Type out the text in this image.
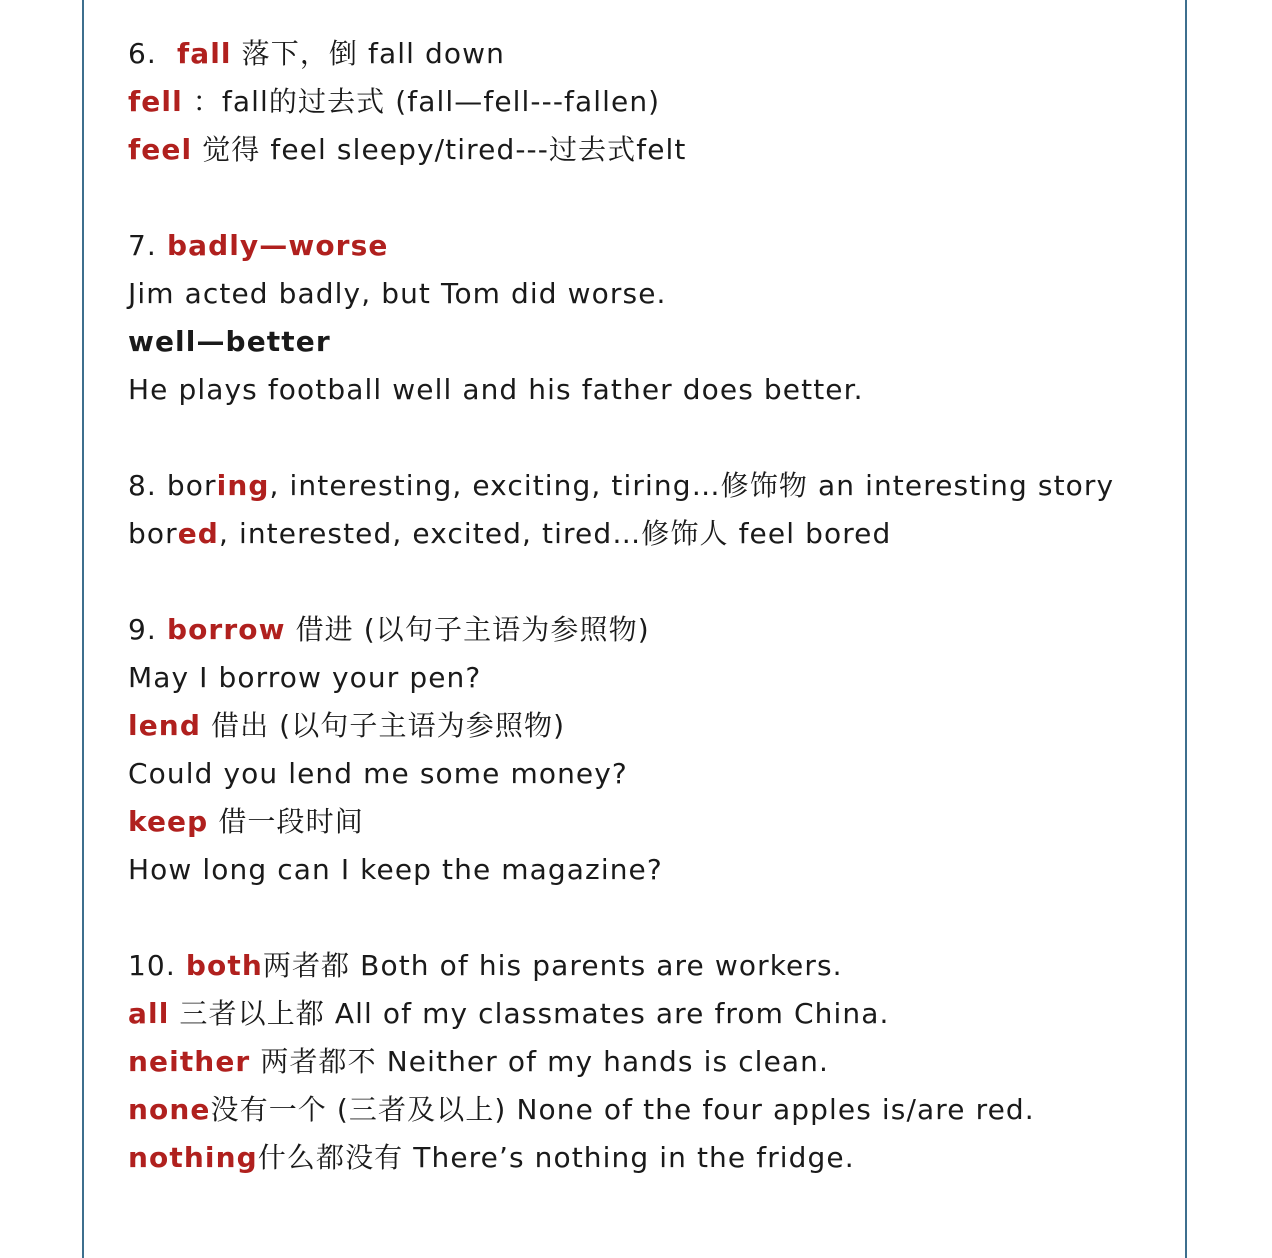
6. fall 落下，倒 fall down
fell ：fall的过去式 (fall—fell---fallen)
feel 觉得 feel sleepy/tired---过去式felt
7. badly—worse
Jim acted badly, but Tom did worse.
well—better
He plays football well and his father does better.
8. boring, interesting, exciting, tiring…修饰物 an interesting story
bored, interested, excited, tired…修饰人 feel bored
9. borrow 借进 (以句子主语为参照物)
May I borrow your pen?
lend 借出 (以句子主语为参照物)
Could you lend me some money?
keep 借一段时间
How long can I keep the magazine?
10. both两者都 Both of his parents are workers.
all 三者以上都 All of my classmates are from China.
neither 两者都不 Neither of my hands is clean.
none没有一个 (三者及以上) None of the four apples is/are red.
nothing什么都没有 There’s nothing in the fridge.
